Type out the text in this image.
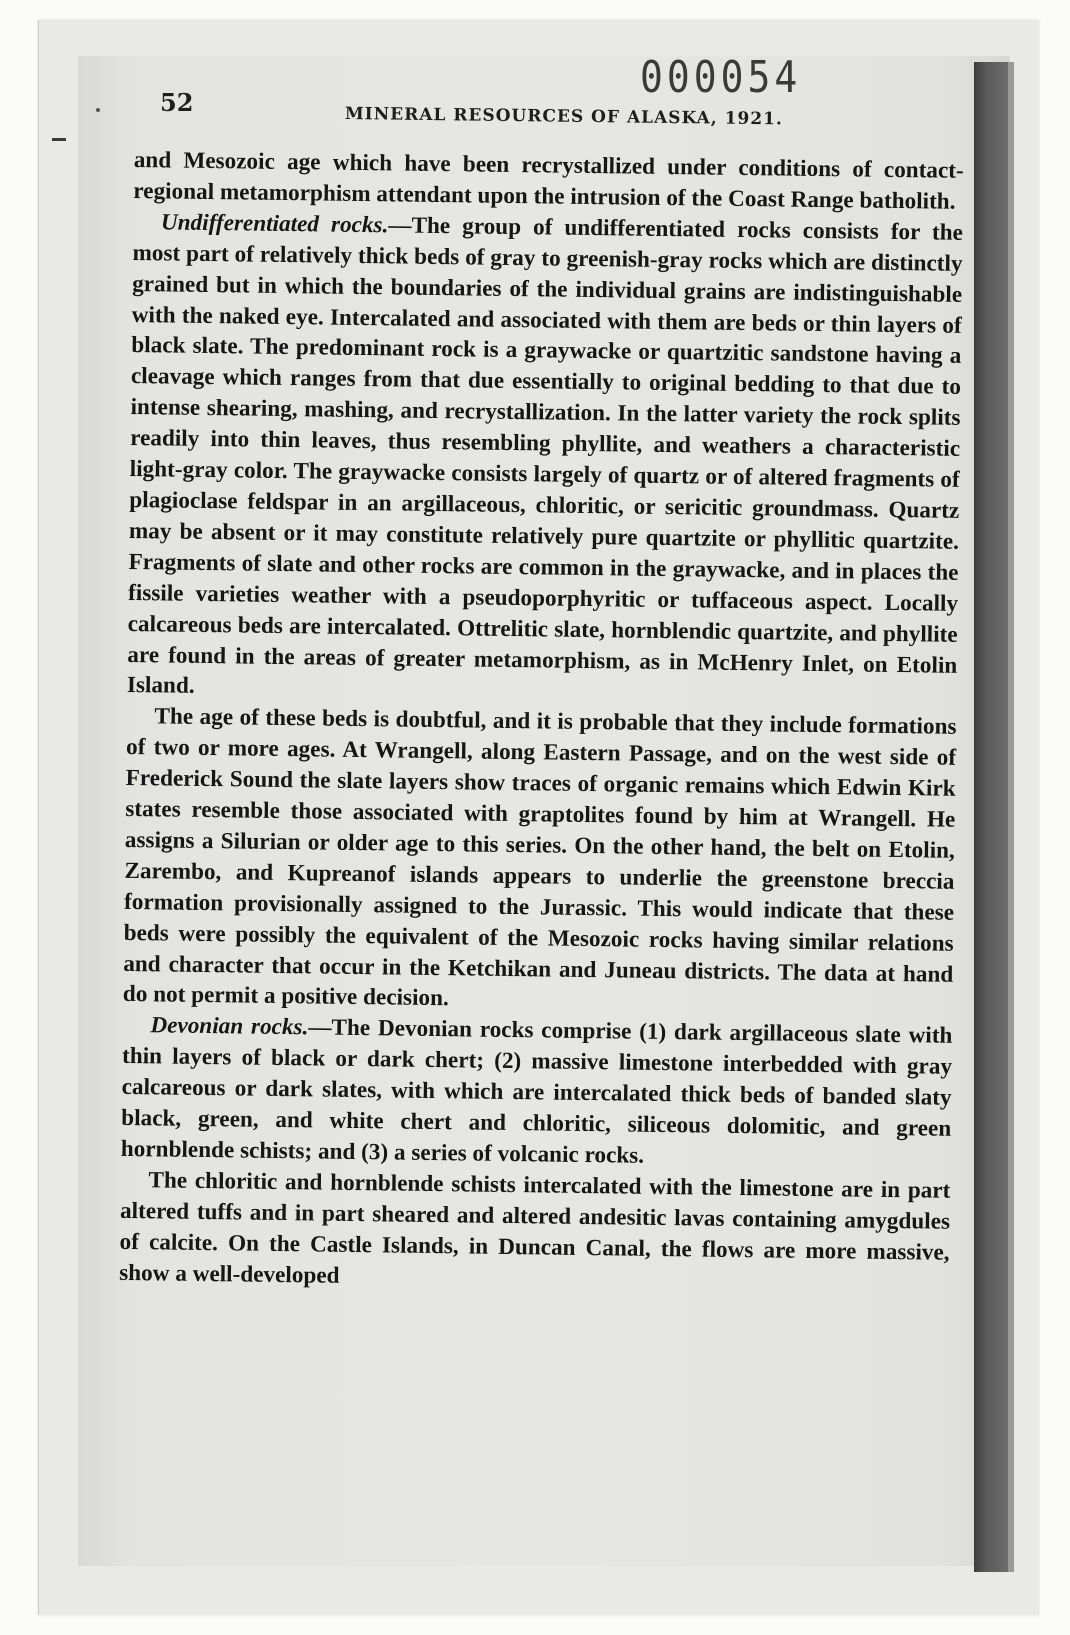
000054
52	MINERAL RESOURCES OF ALASKA, 1921.

and Mesozoic age which have been recrystallized under conditions of contact-regional metamorphism attendant upon the intrusion of the Coast Range batholith.

Undifferentiated rocks.—The group of undifferentiated rocks consists for the most part of relatively thick beds of gray to greenish-gray rocks which are distinctly grained but in which the boundaries of the individual grains are indistinguishable with the naked eye. Intercalated and associated with them are beds or thin layers of black slate. The predominant rock is a graywacke or quartzitic sandstone having a cleavage which ranges from that due essentially to original bedding to that due to intense shearing, mashing, and recrystallization. In the latter variety the rock splits readily into thin leaves, thus resembling phyllite, and weathers a characteristic light-gray color. The graywacke consists largely of quartz or of altered fragments of plagioclase feldspar in an argillaceous, chloritic, or sericitic groundmass. Quartz may be absent or it may constitute relatively pure quartzite or phyllitic quartzite. Fragments of slate and other rocks are common in the graywacke, and in places the fissile varieties weather with a pseudoporphyritic or tuffaceous aspect. Locally calcareous beds are intercalated. Ottrelitic slate, hornblendic quartzite, and phyllite are found in the areas of greater metamorphism, as in McHenry Inlet, on Etolin Island.

The age of these beds is doubtful, and it is probable that they include formations of two or more ages. At Wrangell, along Eastern Passage, and on the west side of Frederick Sound the slate layers show traces of organic remains which Edwin Kirk states resemble those associated with graptolites found by him at Wrangell. He assigns a Silurian or older age to this series. On the other hand, the belt on Etolin, Zarembo, and Kupreanof islands appears to underlie the greenstone breccia formation provisionally assigned to the Jurassic. This would indicate that these beds were possibly the equivalent of the Mesozoic rocks having similar relations and character that occur in the Ketchikan and Juneau districts. The data at hand do not permit a positive decision.

Devonian rocks.—The Devonian rocks comprise (1) dark argillaceous slate with thin layers of black or dark chert; (2) massive limestone interbedded with gray calcareous or dark slates, with which are intercalated thick beds of banded slaty black, green, and white chert and chloritic, siliceous dolomitic, and green hornblende schists; and (3) a series of volcanic rocks.

The chloritic and hornblende schists intercalated with the limestone are in part altered tuffs and in part sheared and altered andesitic lavas containing amygdules of calcite. On the Castle Islands, in Duncan Canal, the flows are more massive, show a well-developed
